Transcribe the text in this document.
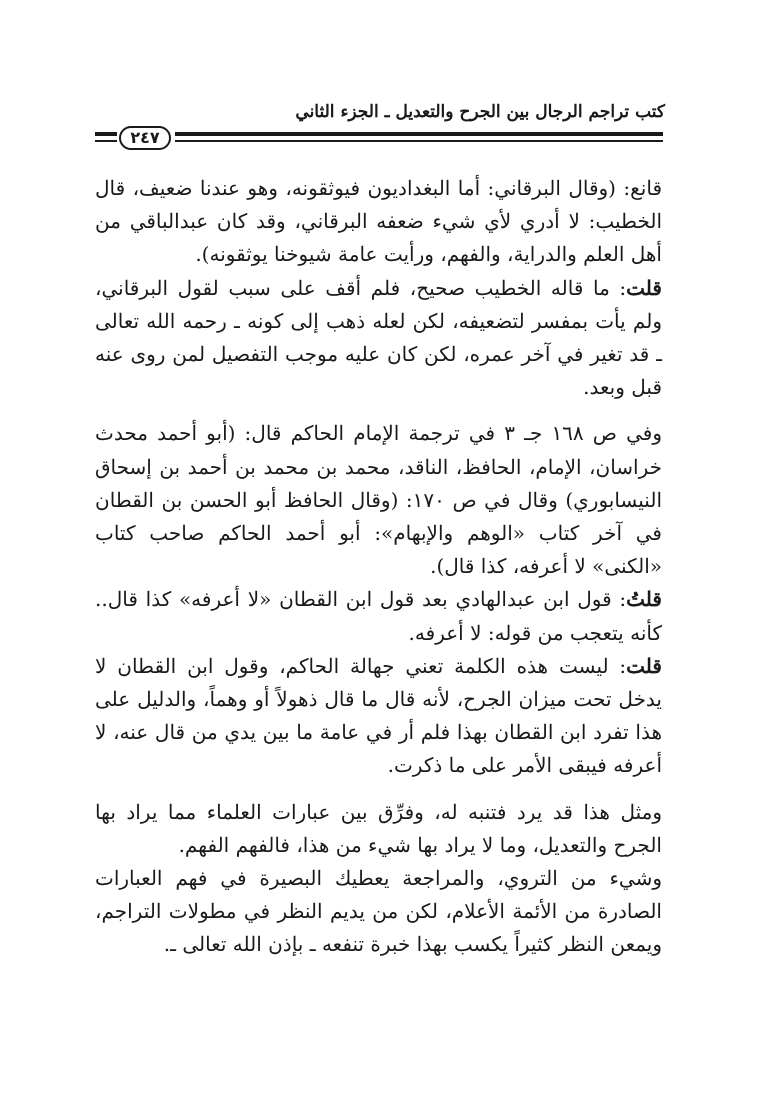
كتب تراجم الرجال بين الجرح والتعديل ـ الجزء الثاني
٢٤٧

قانع: (وقال البرقاني: أما البغداديون فيوثقونه، وهو عندنا ضعيف، قال الخطيب: لا أدري لأي شيء ضعفه البرقاني، وقد كان عبدالباقي من أهل العلم والدراية، والفهم، ورأيت عامة شيوخنا يوثقونه).

قلت: ما قاله الخطيب صحيح، فلم أقف على سبب لقول البرقاني، ولم يأت بمفسر لتضعيفه، لكن لعله ذهب إلى كونه ـ رحمه الله تعالى ـ قد تغير في آخر عمره، لكن كان عليه موجب التفصيل لمن روى عنه قبل وبعد.

وفي ص ١٦٨ جـ ٣ في ترجمة الإمام الحاكم قال: (أبو أحمد محدث خراسان، الإمام، الحافظ، الناقد، محمد بن محمد بن أحمد بن إسحاق النيسابوري) وقال في ص ١٧٠: (وقال الحافظ أبو الحسن بن القطان في آخر كتاب «الوهم والإبهام»: أبو أحمد الحاكم صاحب كتاب «الكنى» لا أعرفه، كذا قال).

قلتُ: قول ابن عبدالهادي بعد قول ابن القطان «لا أعرفه» كذا قال.. كأنه يتعجب من قوله: لا أعرفه.

قلت: ليست هذه الكلمة تعني جهالة الحاكم، وقول ابن القطان لا يدخل تحت ميزان الجرح، لأنه قال ما قال ذهولاً أو وهماً، والدليل على هذا تفرد ابن القطان بهذا فلم أر في عامة ما بين يدي من قال عنه، لا أعرفه فيبقى الأمر على ما ذكرت.

ومثل هذا قد يرد فتنبه له، وفرِّق بين عبارات العلماء مما يراد بها الجرح والتعديل، وما لا يراد بها شيء من هذا، فالفهم الفهم.

وشيء من التروي، والمراجعة يعطيك البصيرة في فهم العبارات الصادرة من الأئمة الأعلام، لكن من يديم النظر في مطولات التراجم، ويمعن النظر كثيراً يكسب بهذا خبرة تنفعه ـ بإذن الله تعالى ـ.
